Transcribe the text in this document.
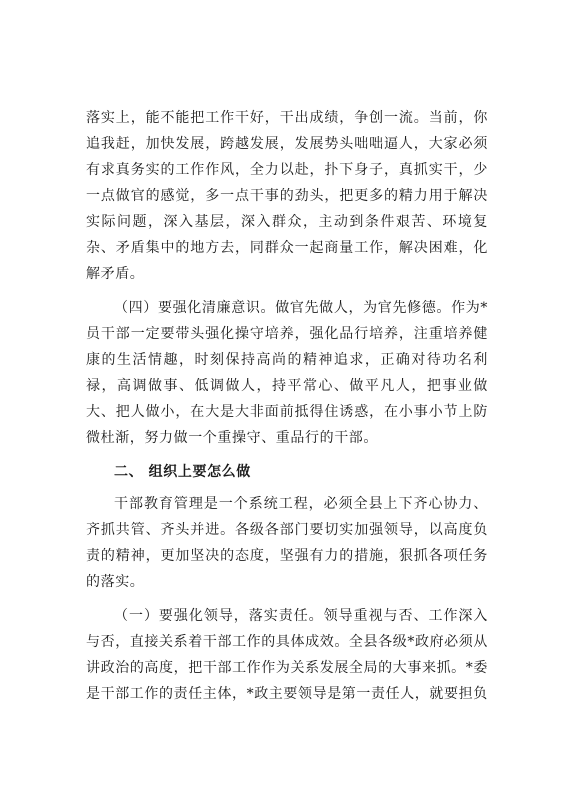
落实上，能不能把工作干好，干出成绩，争创一流。当前，你追我赶，加快发展，跨越发展，发展势头咄咄逼人，大家必须有求真务实的工作作风，全力以赴，扑下身子，真抓实干，少一点做官的感觉，多一点干事的劲头，把更多的精力用于解决实际问题，深入基层，深入群众，主动到条件艰苦、环境复杂、矛盾集中的地方去，同群众一起商量工作，解决困难，化解矛盾。

（四）要强化清廉意识。做官先做人，为官先修德。作为*员干部一定要带头强化操守培养，强化品行培养，注重培养健康的生活情趣，时刻保持高尚的精神追求，正确对待功名利禄，高调做事、低调做人，持平常心、做平凡人，把事业做大、把人做小，在大是大非面前抵得住诱惑，在小事小节上防微杜渐，努力做一个重操守、重品行的干部。

二、 组织上要怎么做

干部教育管理是一个系统工程，必须全县上下齐心协力、齐抓共管、齐头并进。各级各部门要切实加强领导，以高度负责的精神，更加坚决的态度，坚强有力的措施，狠抓各项任务的落实。

（一）要强化领导，落实责任。领导重视与否、工作深入与否，直接关系着干部工作的具体成效。全县各级*政府必须从讲政治的高度，把干部工作作为关系发展全局的大事来抓。*委是干部工作的责任主体，*政主要领导是第一责任人，就要担负
